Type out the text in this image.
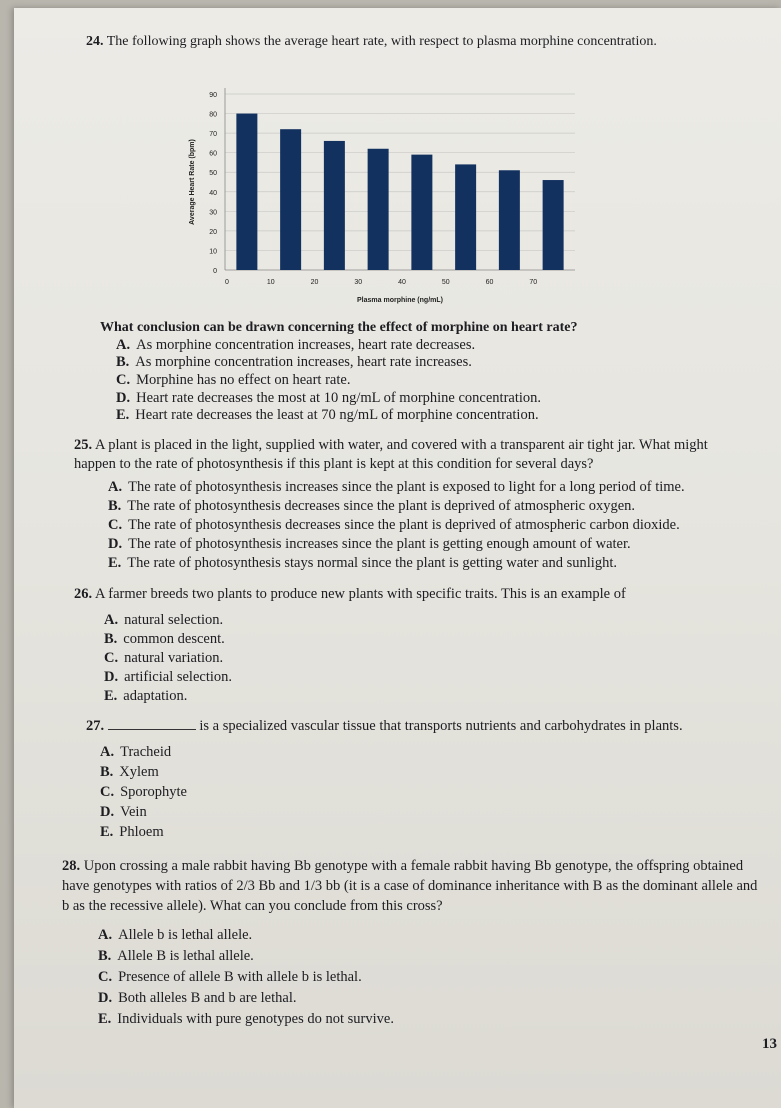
24. The following graph shows the average heart rate, with respect to plasma morphine concentration.
0
10
20
30
40
50
60
70
80
90
0	10	20	30	40	50	60	70
Plasma morphine (ng/mL)
Average Heart Rate (bpm)
What conclusion can be drawn concerning the effect of morphine on heart rate?
A. As morphine concentration increases, heart rate decreases.
B. As morphine concentration increases, heart rate increases.
C. Morphine has no effect on heart rate.
D. Heart rate decreases the most at 10 ng/mL of morphine concentration.
E. Heart rate decreases the least at 70 ng/mL of morphine concentration.
25. A plant is placed in the light, supplied with water, and covered with a transparent air tight jar. What might happen to the rate of photosynthesis if this plant is kept at this condition for several days?
A. The rate of photosynthesis increases since the plant is exposed to light for a long period of time.
B. The rate of photosynthesis decreases since the plant is deprived of atmospheric oxygen.
C. The rate of photosynthesis decreases since the plant is deprived of atmospheric carbon dioxide.
D. The rate of photosynthesis increases since the plant is getting enough amount of water.
E. The rate of photosynthesis stays normal since the plant is getting water and sunlight.
26. A farmer breeds two plants to produce new plants with specific traits. This is an example of
A. natural selection.
B. common descent.
C. natural variation.
D. artificial selection.
E. adaptation.
27.	is a specialized vascular tissue that transports nutrients and carbohydrates in plants.
A. Tracheid
B. Xylem
C. Sporophyte
D. Vein
E. Phloem
28. Upon crossing a male rabbit having Bb genotype with a female rabbit having Bb genotype, the offspring obtained have genotypes with ratios of 2/3 Bb and 1/3 bb (it is a case of dominance inheritance with B as the dominant allele and b as the recessive allele). What can you conclude from this cross?
A. Allele b is lethal allele.
B. Allele B is lethal allele.
C. Presence of allele B with allele b is lethal.
D. Both alleles B and b are lethal.
E. Individuals with pure genotypes do not survive.
13
